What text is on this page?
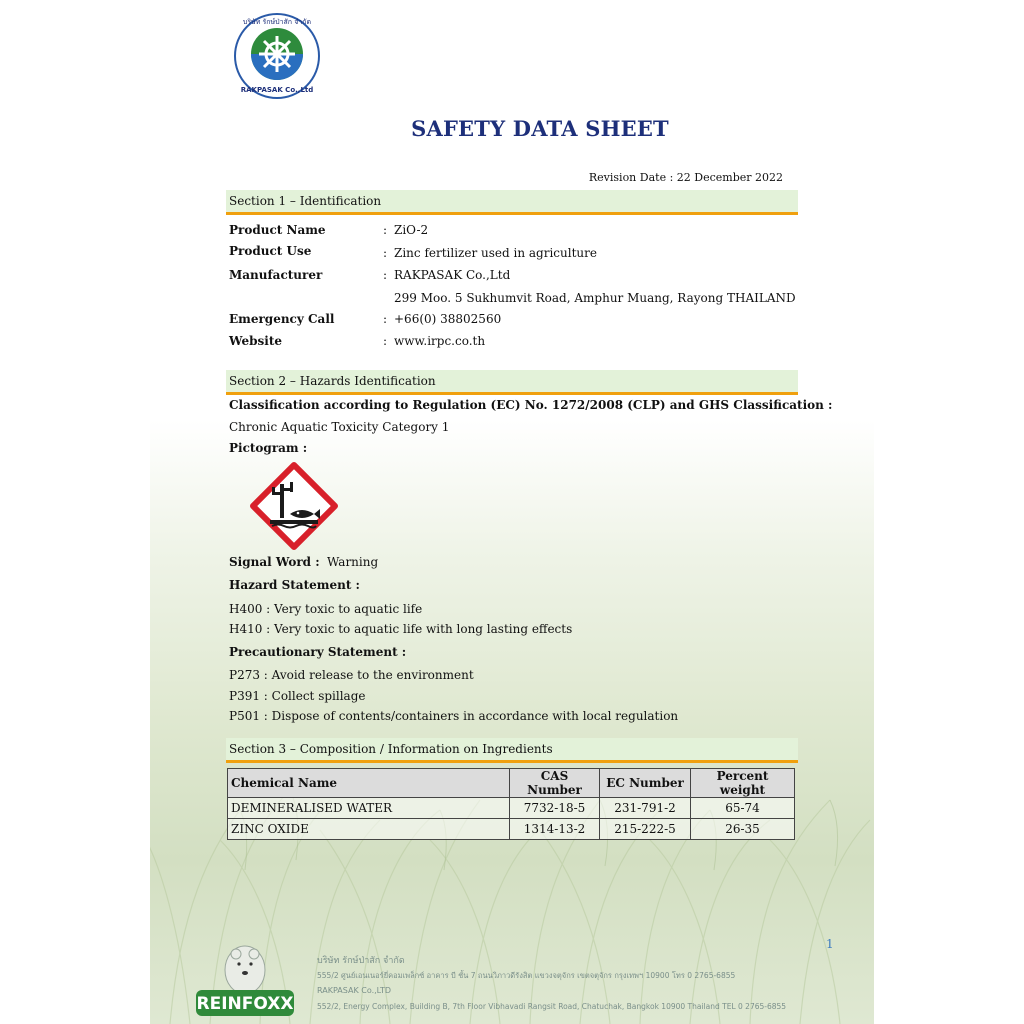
บริษัท รักษ์ป่าสัก จำกัด
RAKPASAK Co.,Ltd
SAFETY DATA SHEET
Revision Date : 22 December 2022
Section 1 – Identification
Product Name	: ZiO-2
Product Use	: Zinc fertilizer used in agriculture
Manufacturer	: RAKPASAK Co.,Ltd
299 Moo. 5 Sukhumvit Road, Amphur Muang, Rayong THAILAND
Emergency Call	: +66(0) 38802560
Website	: www.irpc.co.th
Section 2 – Hazards Identification
Classification according to Regulation (EC) No. 1272/2008 (CLP) and GHS Classification :
Chronic Aquatic Toxicity Category 1
Pictogram :
Signal Word : Warning
Hazard Statement :
H400 : Very toxic to aquatic life
H410 : Very toxic to aquatic life with long lasting effects
Precautionary Statement :
P273 : Avoid release to the environment
P391 : Collect spillage
P501 : Dispose of contents/containers in accordance with local regulation
Section 3 – Composition / Information on Ingredients
Chemical Name	CAS Number	EC Number	Percent weight
DEMINERALISED WATER	7732-18-5	231-791-2	65-74
ZINC OXIDE	1314-13-2	215-222-5	26-35
1
REINFOXX
บริษัท รักษ์ป่าสัก จำกัด
555/2 ศูนย์เอนเนอร์ยี่คอมเพล็กซ์ อาคาร บี ชั้น 7 ถนนวิภาวดีรังสิต แขวงจตุจักร เขตจตุจักร กรุงเทพฯ 10900 โทร 0 2765-6855
RAKPASAK Co.,LTD
552/2, Energy Complex, Building B, 7th Floor Vibhavadi Rangsit Road, Chatuchak, Bangkok 10900 Thailand TEL 0 2765-6855
